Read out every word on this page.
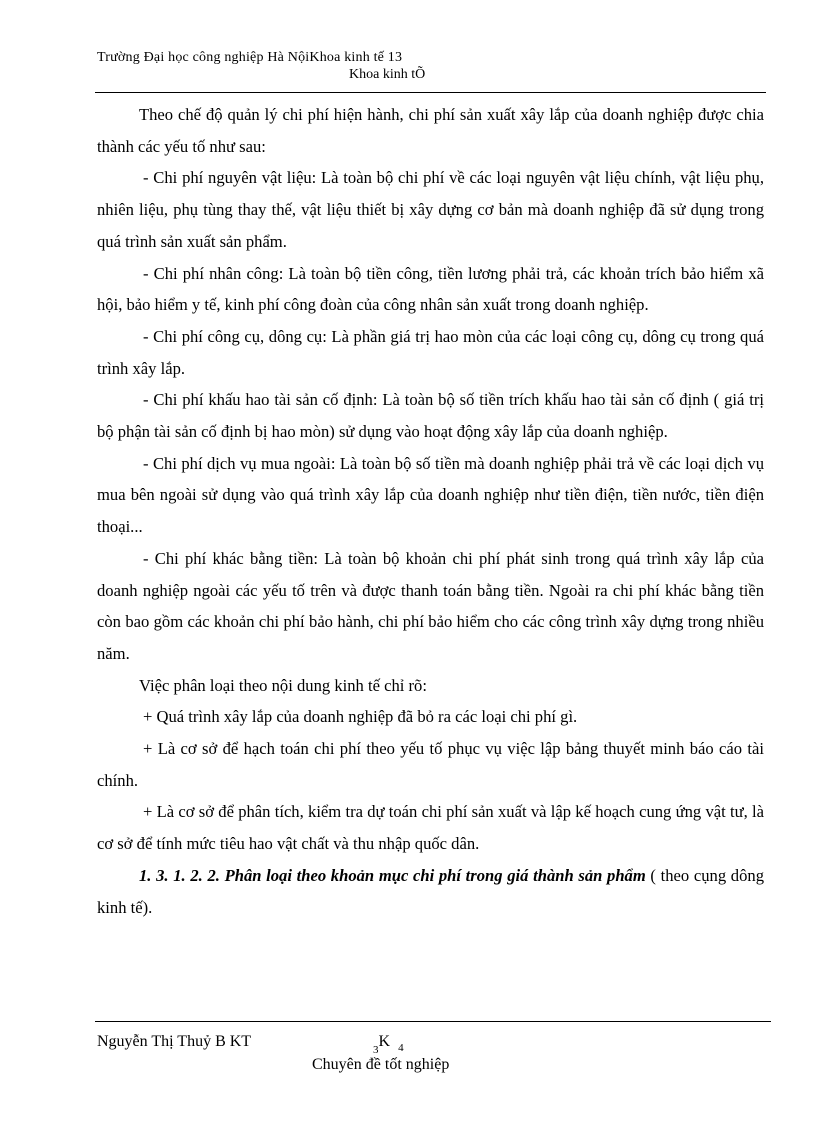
Trường Đại học công nghiệp Hà NộiKhoa kinh tế 13
Khoa kinh tÕ

Theo chế độ quản lý chi phí hiện hành, chi phí sản xuất xây lắp của doanh nghiệp được chia thành các yếu tố như sau:

- Chi phí nguyên vật liệu: Là toàn bộ chi phí về các loại nguyên vật liệu chính, vật liệu phụ, nhiên liệu, phụ tùng thay thế, vật liệu thiết bị xây dựng cơ bản mà doanh nghiệp đã sử dụng trong quá trình sản xuất sản phẩm.

- Chi phí nhân công: Là toàn bộ tiền công, tiền lương phải trả, các khoản trích bảo hiểm xã hội, bảo hiểm y tế, kinh phí công đoàn của công nhân sản xuất trong doanh nghiệp.

- Chi phí công cụ, dông cụ: Là phần giá trị hao mòn của các loại công cụ, dông cụ trong quá trình xây lắp.

- Chi phí khấu hao tài sản cố định: Là toàn bộ số tiền trích khấu hao tài sản cố định ( giá trị bộ phận tài sản cố định bị hao mòn) sử dụng vào hoạt động xây lắp của doanh nghiệp.

- Chi phí dịch vụ mua ngoài: Là toàn bộ số tiền mà doanh nghiệp phải trả về các loại dịch vụ mua bên ngoài sử dụng vào quá trình xây lắp của doanh nghiệp như tiền điện, tiền nước, tiền điện thoại...

- Chi phí khác bằng tiền: Là toàn bộ khoản chi phí phát sinh trong quá trình xây lắp của doanh nghiệp ngoài các yếu tố trên và được thanh toán bằng tiền. Ngoài ra chi phí khác bằng tiền còn bao gồm các khoản chi phí bảo hành, chi phí bảo hiểm cho các công trình xây dựng trong nhiều năm.

Việc phân loại theo nội dung kinh tế chỉ rõ:

+ Quá trình xây lắp của doanh nghiệp đã bỏ ra các loại chi phí gì.

+ Là cơ sở để hạch toán chi phí theo yếu tố phục vụ việc lập bảng thuyết minh báo cáo tài chính.

+ Là cơ sở để phân tích, kiểm tra dự toán chi phí sản xuất và lập kế hoạch cung ứng vật tư, là cơ sở để tính mức tiêu hao vật chất và thu nhập quốc dân.

1. 3. 1. 2. 2. Phân loại theo khoản mục chi phí trong giá thành sản phẩm ( theo cụng dông kinh tế).

Nguyễn Thị Thuỷ B KT	$_3$K $_4$
Chuyên đề tốt nghiệp
